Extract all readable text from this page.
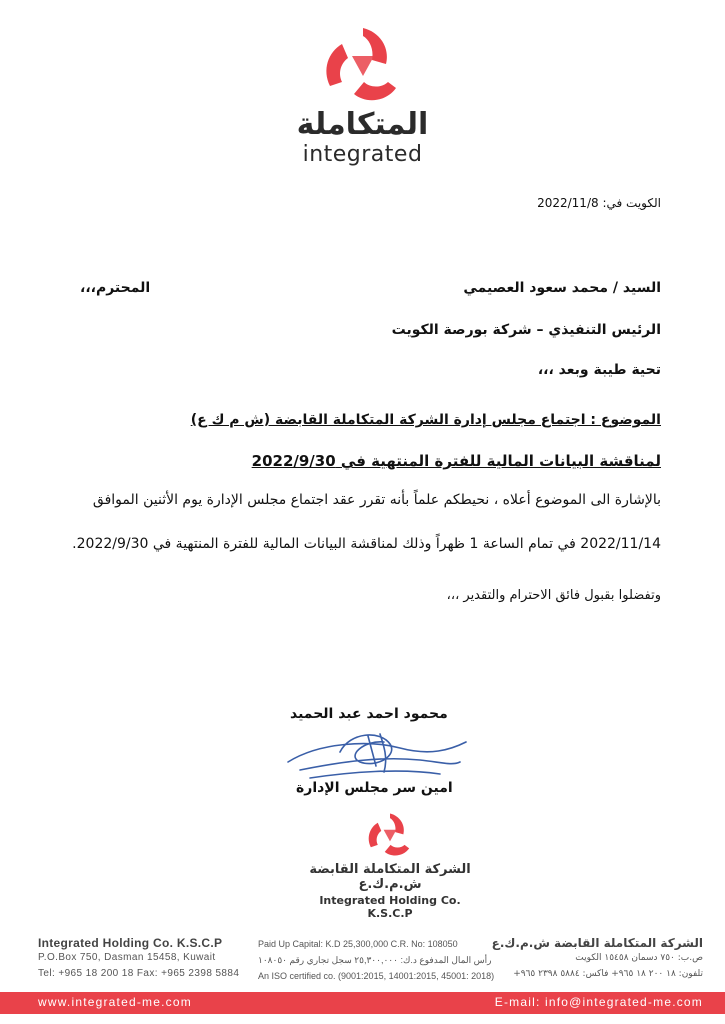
المتكاملة
integrated
الكويت في: 2022/11/8
السيد / محمد سعود العصيمي
المحترم،،،
الرئيس التنفيذي – شركة بورصة الكويت
تحية طيبة وبعد ،،،
الموضوع : اجتماع مجلس إدارة الشركة المتكاملة القابضة (ش م ك ع)
لمناقشة البيانات المالية للفترة المنتهية في 2022/9/30
بالإشارة الى الموضوع أعلاه ، نحيطكم علماً بأنه تقرر عقد اجتماع مجلس الإدارة يوم الأثنين الموافق
2022/11/14 في تمام الساعة 1 ظهراً وذلك لمناقشة البيانات المالية للفترة المنتهية في 2022/9/30.
وتفضلوا بقبول فائق الاحترام والتقدير ،،،
محمود احمد عبد الحميد
امين سر مجلس الإدارة
الشركة المتكاملة القابضة ش.م.ك.ع
Integrated Holding Co. K.S.C.P
Integrated Holding Co. K.S.C.P
P.O.Box 750, Dasman 15458, Kuwait
Tel: +965 18 200 18 Fax: +965 2398 5884
Paid Up Capital: K.D 25,300,000 C.R. No: 108050
رأس المال المدفوع د.ك: ٢٥,٣٠٠,٠٠٠ سجل تجاري رقم ١٠٨٠٥٠
An ISO certified co. (9001:2015, 14001:2015, 45001: 2018)
الشركة المتكاملة القابضة ش.م.ك.ع
ص.ب: ٧٥٠ دسمان ١٥٤٥٨ الكويت
تلفون: ١٨ ٢٠٠ ١٨ ٩٦٥+ فاكس: ٥٨٨٤ ٢٣٩٨ ٩٦٥+
www.integrated-me.com	E-mail: info@integrated-me.com
